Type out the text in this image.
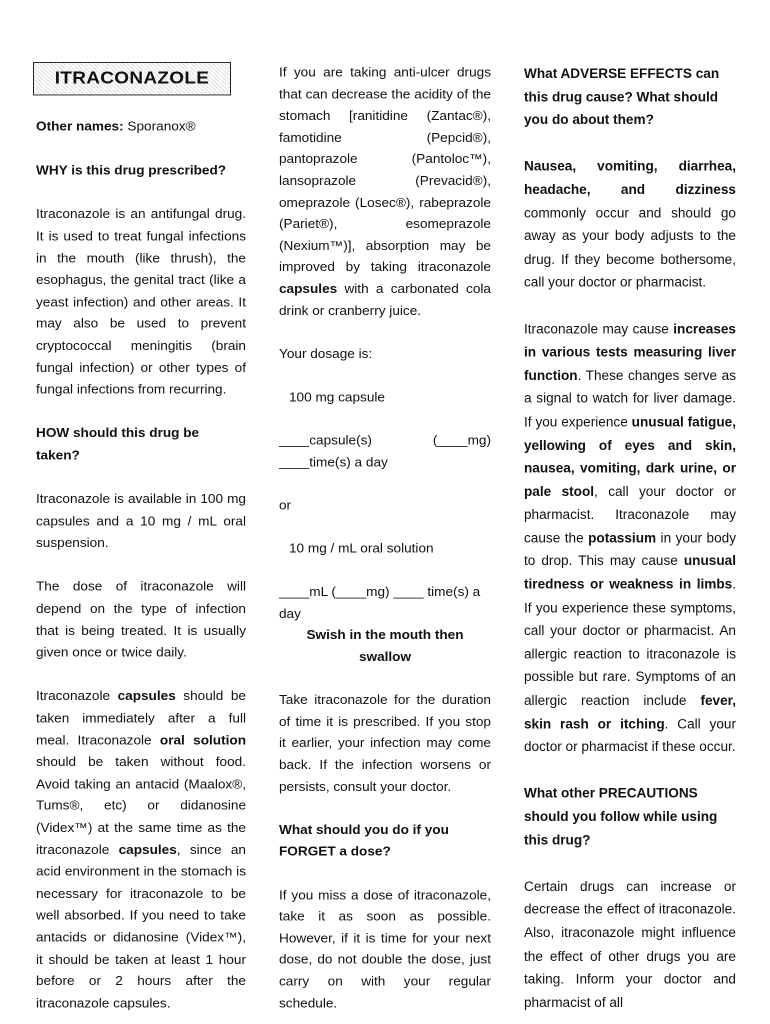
ITRACONAZOLE

Other names: Sporanox®

WHY is this drug prescribed?

Itraconazole is an antifungal drug. It is used to treat fungal infections in the mouth (like thrush), the esophagus, the genital tract (like a yeast infection) and other areas. It may also be used to prevent cryptococcal meningitis (brain fungal infection) or other types of fungal infections from recurring.

HOW should this drug be taken?

Itraconazole is available in 100 mg capsules and a 10 mg / mL oral suspension.

The dose of itraconazole will depend on the type of infection that is being treated. It is usually given once or twice daily.

Itraconazole capsules should be taken immediately after a full meal. Itraconazole oral solution should be taken without food. Avoid taking an antacid (Maalox®, Tums®, etc) or didanosine (Videx™) at the same time as the itraconazole capsules, since an acid environment in the stomach is necessary for itraconazole to be well absorbed. If you need to take antacids or didanosine (Videx™), it should be taken at least 1 hour before or 2 hours after the itraconazole capsules.

If you are taking anti-ulcer drugs that can decrease the acidity of the stomach [ranitidine (Zantac®), famotidine (Pepcid®), pantoprazole (Pantoloc™), lansoprazole (Prevacid®), omeprazole (Losec®), rabeprazole (Pariet®), esomeprazole (Nexium™)], absorption may be improved by taking itraconazole capsules with a carbonated cola drink or cranberry juice.

Your dosage is:

100 mg capsule

____capsule(s) (____mg) ____time(s) a day

or

10 mg / mL oral solution

____mL (____mg) ____ time(s) a day

Swish in the mouth then swallow

Take itraconazole for the duration of time it is prescribed. If you stop it earlier, your infection may come back. If the infection worsens or persists, consult your doctor.

What should you do if you FORGET a dose?

If you miss a dose of itraconazole, take it as soon as possible. However, if it is time for your next dose, do not double the dose, just carry on with your regular schedule.

What ADVERSE EFFECTS can this drug cause? What should you do about them?

Nausea, vomiting, diarrhea, headache, and dizziness commonly occur and should go away as your body adjusts to the drug. If they become bothersome, call your doctor or pharmacist.

Itraconazole may cause increases in various tests measuring liver function. These changes serve as a signal to watch for liver damage. If you experience unusual fatigue, yellowing of eyes and skin, nausea, vomiting, dark urine, or pale stool, call your doctor or pharmacist. Itraconazole may cause the potassium in your body to drop. This may cause unusual tiredness or weakness in limbs. If you experience these symptoms, call your doctor or pharmacist. An allergic reaction to itraconazole is possible but rare. Symptoms of an allergic reaction include fever, skin rash or itching. Call your doctor or pharmacist if these occur.

What other PRECAUTIONS should you follow while using this drug?

Certain drugs can increase or decrease the effect of itraconazole. Also, itraconazole might influence the effect of other drugs you are taking. Inform your doctor and pharmacist of all
